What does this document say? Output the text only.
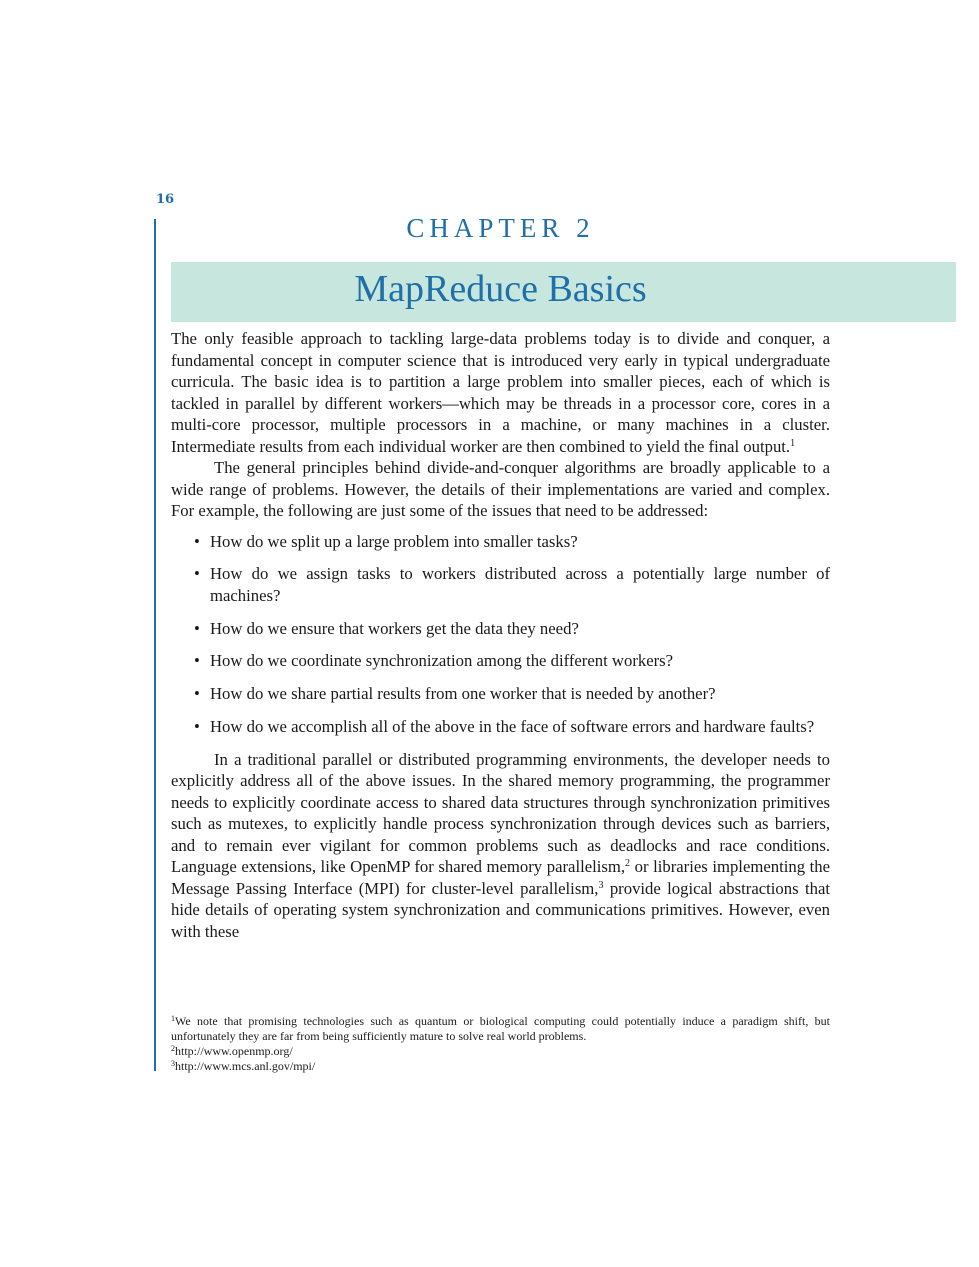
16
CHAPTER 2
MapReduce Basics

The only feasible approach to tackling large-data problems today is to divide and conquer, a fundamental concept in computer science that is introduced very early in typical undergraduate curricula. The basic idea is to partition a large problem into smaller pieces, each of which is tackled in parallel by different workers—which may be threads in a processor core, cores in a multi-core processor, multiple processors in a machine, or many machines in a cluster. Intermediate results from each individual worker are then combined to yield the final output.$^1$

The general principles behind divide-and-conquer algorithms are broadly applicable to a wide range of problems. However, the details of their implementations are varied and complex. For example, the following are just some of the issues that need to be addressed:

• How do we split up a large problem into smaller tasks?
• How do we assign tasks to workers distributed across a potentially large number of machines?
• How do we ensure that workers get the data they need?
• How do we coordinate synchronization among the different workers?
• How do we share partial results from one worker that is needed by another?
• How do we accomplish all of the above in the face of software errors and hardware faults?

In a traditional parallel or distributed programming environments, the developer needs to explicitly address all of the above issues. In the shared memory programming, the programmer needs to explicitly coordinate access to shared data structures through synchronization primitives such as mutexes, to explicitly handle process synchronization through devices such as barriers, and to remain ever vigilant for common problems such as deadlocks and race conditions. Language extensions, like OpenMP for shared memory parallelism,$^2$ or libraries implementing the Message Passing Interface (MPI) for cluster-level parallelism,$^3$ provide logical abstractions that hide details of operating system synchronization and communications primitives. However, even with these

$^1$We note that promising technologies such as quantum or biological computing could potentially induce a paradigm shift, but unfortunately they are far from being sufficiently mature to solve real world problems.

$^2$http://www.openmp.org/

$^3$http://www.mcs.anl.gov/mpi/
